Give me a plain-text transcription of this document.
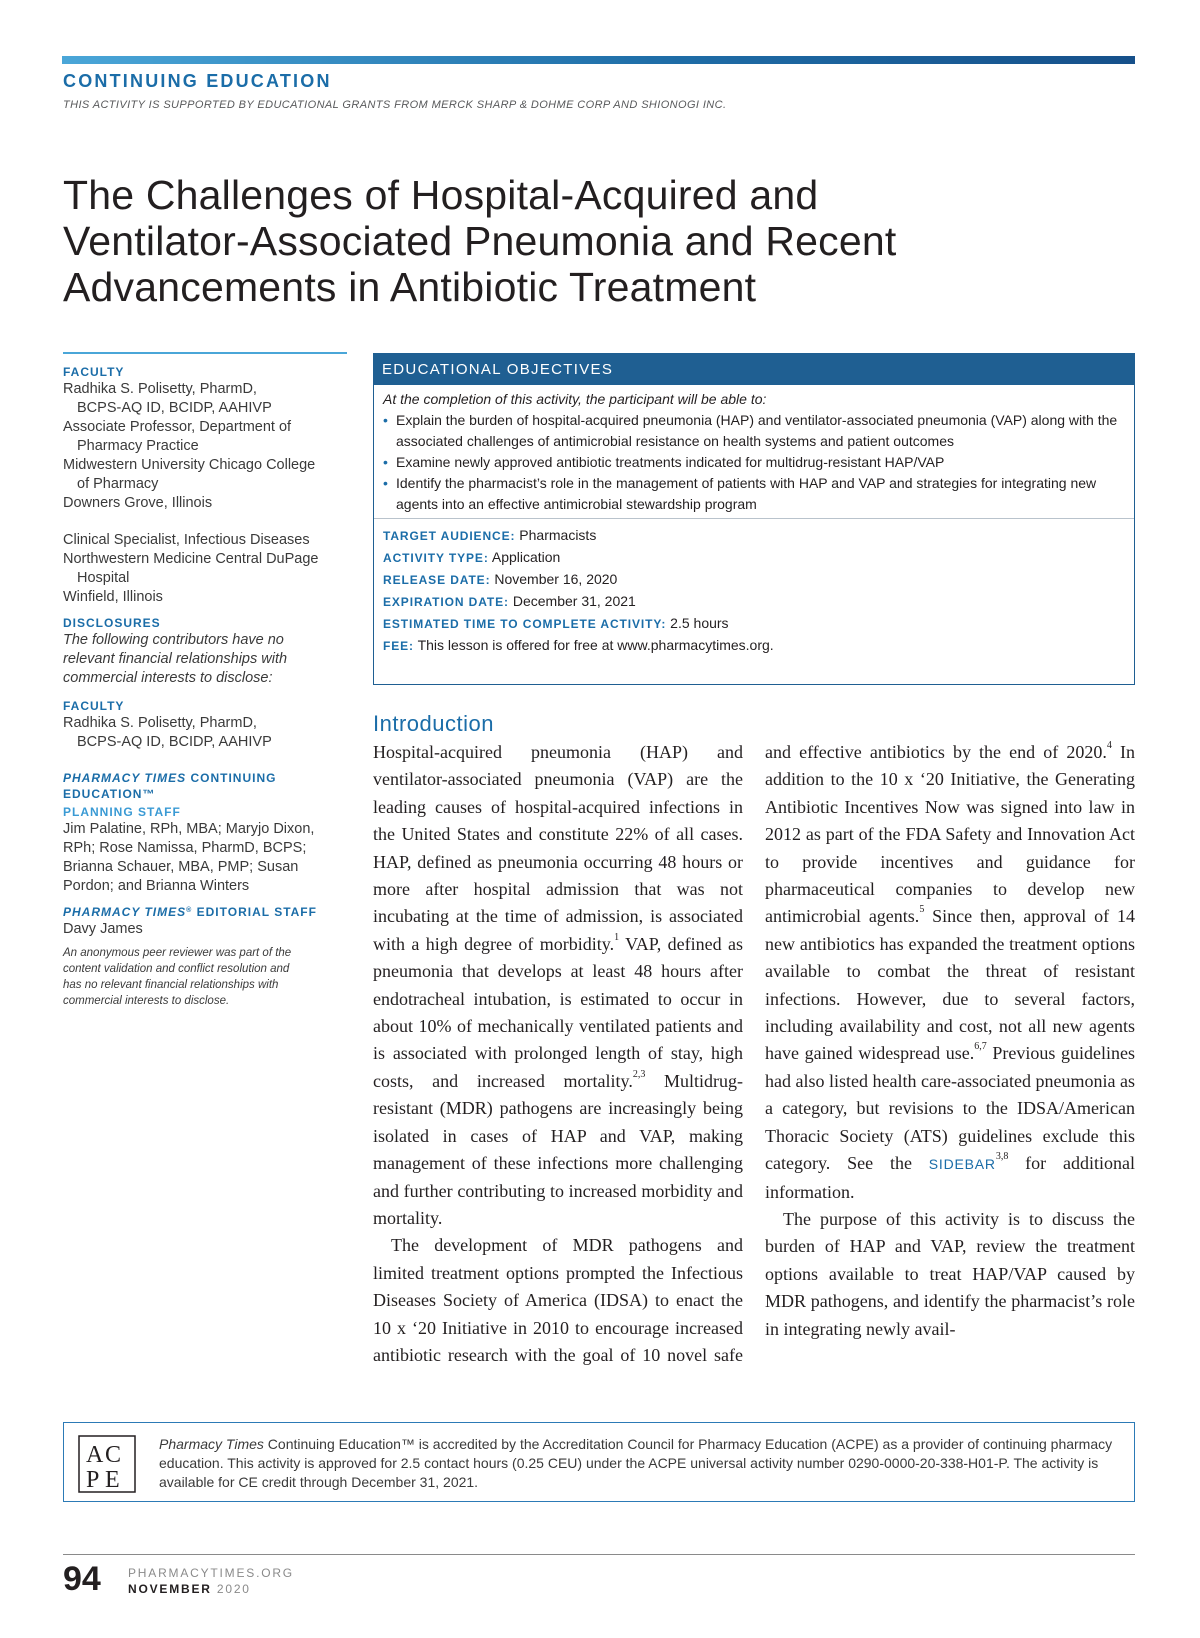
CONTINUING EDUCATION
THIS ACTIVITY IS SUPPORTED BY EDUCATIONAL GRANTS FROM MERCK SHARP & DOHME CORP AND SHIONOGI INC.
The Challenges of Hospital-Acquired and
Ventilator-Associated Pneumonia and Recent
Advancements in Antibiotic Treatment
FACULTY
Radhika S. Polisetty, PharmD,
BCPS-AQ ID, BCIDP, AAHIVP
Associate Professor, Department of
Pharmacy Practice
Midwestern University Chicago College
of Pharmacy
Downers Grove, Illinois
Clinical Specialist, Infectious Diseases
Northwestern Medicine Central DuPage
Hospital
Winfield, Illinois
DISCLOSURES
The following contributors have no
relevant financial relationships with
commercial interests to disclose:
FACULTY
Radhika S. Polisetty, PharmD,
BCPS-AQ ID, BCIDP, AAHIVP
PHARMACY TIMES CONTINUING
EDUCATION™
PLANNING STAFF
Jim Palatine, RPh, MBA; Maryjo Dixon,
RPh; Rose Namissa, PharmD, BCPS;
Brianna Schauer, MBA, PMP; Susan
Pordon; and Brianna Winters
PHARMACY TIMES® EDITORIAL STAFF
Davy James
An anonymous peer reviewer was part of the
content validation and conflict resolution and
has no relevant financial relationships with
commercial interests to disclose.
EDUCATIONAL OBJECTIVES
At the completion of this activity, the participant will be able to:
• Explain the burden of hospital-acquired pneumonia (HAP) and ventilator-associated pneumonia (VAP) along with the associated challenges of antimicrobial resistance on health systems and patient outcomes
• Examine newly approved antibiotic treatments indicated for multidrug-resistant HAP/VAP
• Identify the pharmacist’s role in the management of patients with HAP and VAP and strategies for integrating new agents into an effective antimicrobial stewardship program
TARGET AUDIENCE: Pharmacists
ACTIVITY TYPE: Application
RELEASE DATE: November 16, 2020
EXPIRATION DATE: December 31, 2021
ESTIMATED TIME TO COMPLETE ACTIVITY: 2.5 hours
FEE: This lesson is offered for free at www.pharmacytimes.org.
Introduction

Hospital-acquired pneumonia (HAP) and ventilator-associated pneumonia (VAP) are the leading causes of hospital-acquired infections in the United States and constitute 22% of all cases. HAP, defined as pneumonia occurring 48 hours or more after hospital admission that was not incubating at the time of admission, is associated with a high degree of morbidity.$^1$ VAP, defined as pneumonia that develops at least 48 hours after endotracheal intubation, is estimated to occur in about 10% of mechanically ventilated patients and is associated with prolonged length of stay, high costs, and increased mortality.$^{2,3}$ Multidrug-resistant (MDR) pathogens are increasingly being isolated in cases of HAP and VAP, making management of these infections more challenging and further contributing to increased morbidity and mortality.

The development of MDR pathogens and limited treatment options prompted the Infectious Diseases Society of America (IDSA) to enact the 10 x ‘20 Initiative in 2010 to encourage increased antibiotic research with the goal of 10 novel safe and effective antibiotics by the end of 2020.$^4$ In addition to the 10 x ‘20 Initiative, the Generating Antibiotic Incentives Now was signed into law in 2012 as part of the FDA Safety and Innovation Act to provide incentives and guidance for pharmaceutical companies to develop new antimicrobial agents.$^5$ Since then, approval of 14 new antibiotics has expanded the treatment options available to combat the threat of resistant infections. However, due to several factors, including availability and cost, not all new agents have gained widespread use.$^{6,7}$ Previous guidelines had also listed health care-associated pneumonia as a category, but revisions to the IDSA/American Thoracic Society (ATS) guidelines exclude this category. See the SIDEBAR$^{3,8}$ for additional information.

The purpose of this activity is to discuss the burden of HAP and VAP, review the treatment options available to treat HAP/VAP caused by MDR pathogens, and identify the pharmacist’s role in integrating newly avail-

A C
P E
Pharmacy Times Continuing Education™ is accredited by the Accreditation Council for Pharmacy Education (ACPE) as a provider of continuing pharmacy education. This activity is approved for 2.5 contact hours (0.25 CEU) under the ACPE universal activity number 0290-0000-20-338-H01-P. The activity is available for CE credit through December 31, 2021.
94 PHARMACYTIMES.ORG
NOVEMBER 2020
